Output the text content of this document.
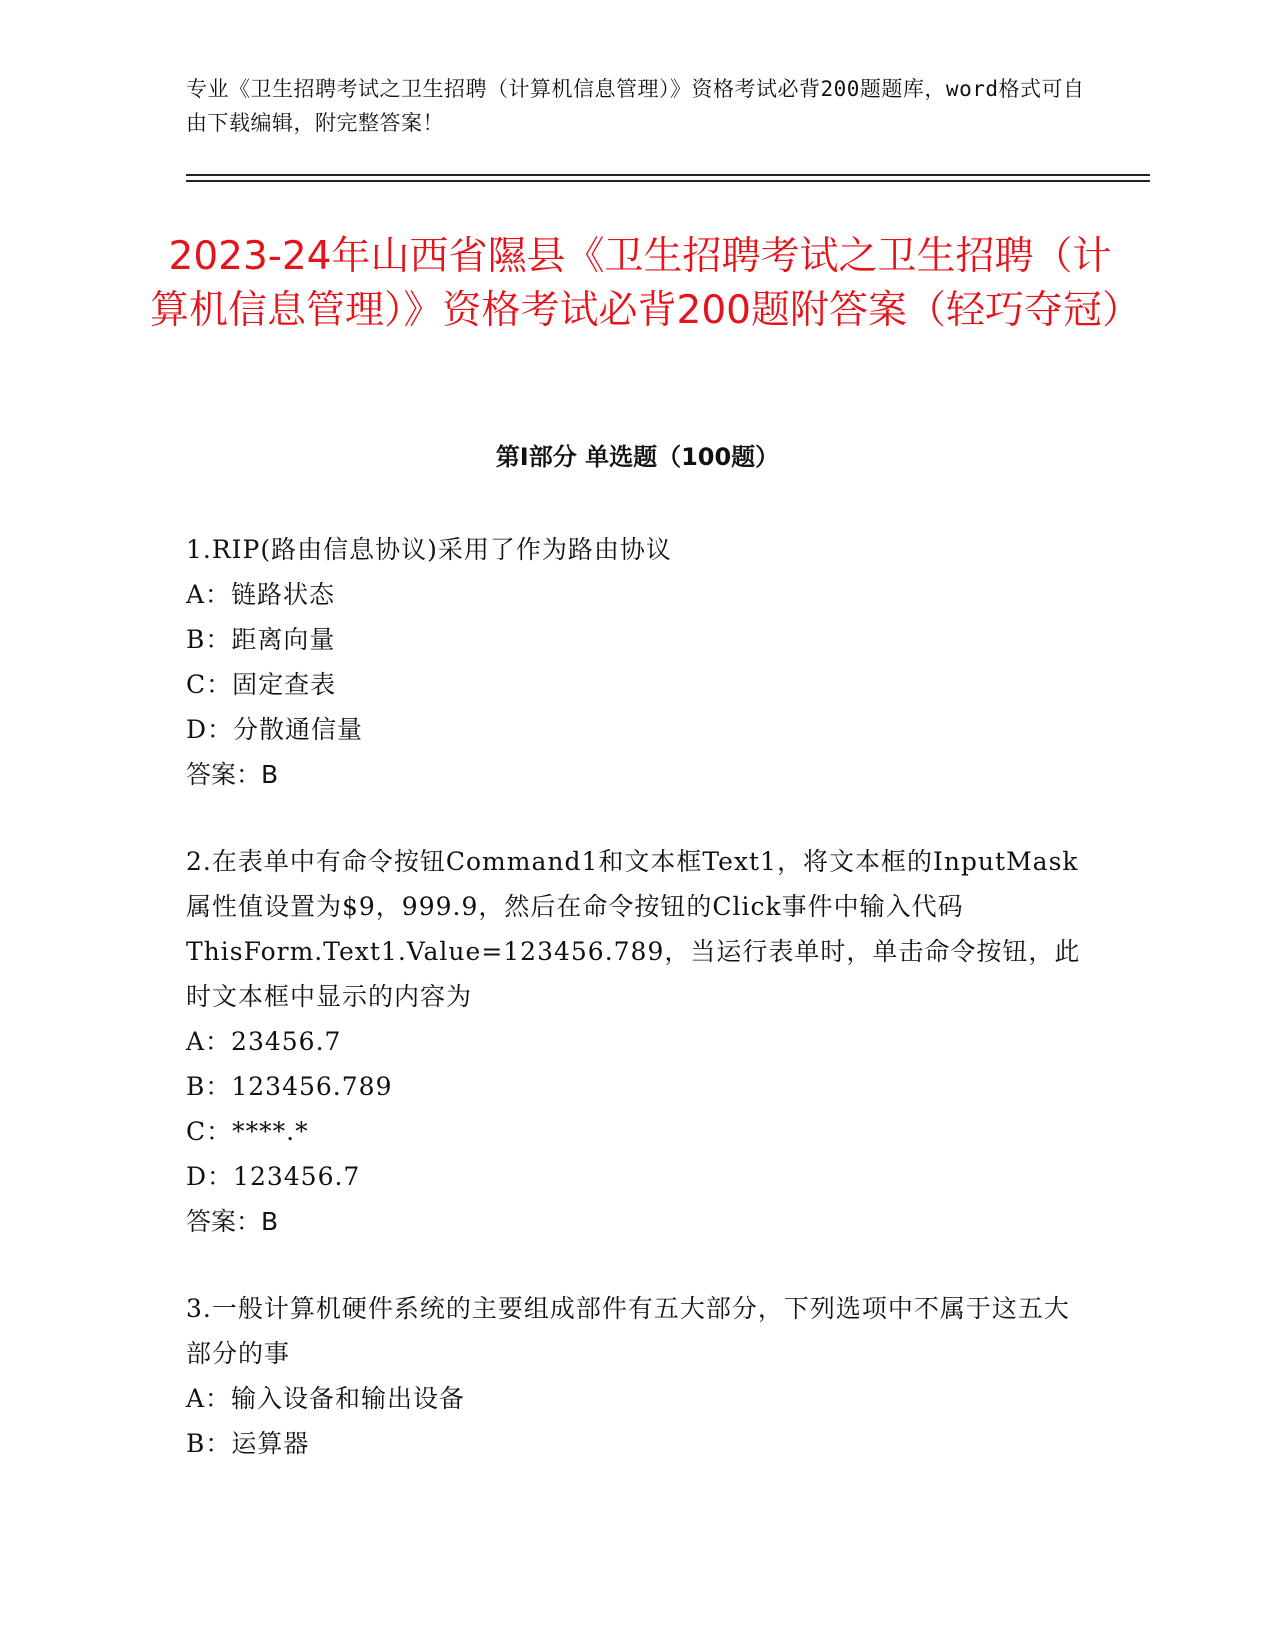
专业《卫生招聘考试之卫生招聘（计算机信息管理）》资格考试必背200题题库，word格式可自由下载编辑，附完整答案！
2023-24年山西省隰县《卫生招聘考试之卫生招聘（计算机信息管理）》资格考试必背200题附答案（轻巧夺冠）
第Ⅰ部分 单选题（100题）
1.RIP(路由信息协议)采用了作为路由协议
A：链路状态
B：距离向量
C：固定查表
D：分散通信量
答案：B
2.在表单中有命令按钮Command1和文本框Text1，将文本框的InputMask属性值设置为$9，999.9，然后在命令按钮的Click事件中输入代码ThisForm.Text1.Value=123456.789，当运行表单时，单击命令按钮，此时文本框中显示的内容为
A：23456.7
B：123456.789
C：****.*
D：123456.7
答案：B
3.一般计算机硬件系统的主要组成部件有五大部分，下列选项中不属于这五大部分的事
A：输入设备和输出设备
B：运算器
